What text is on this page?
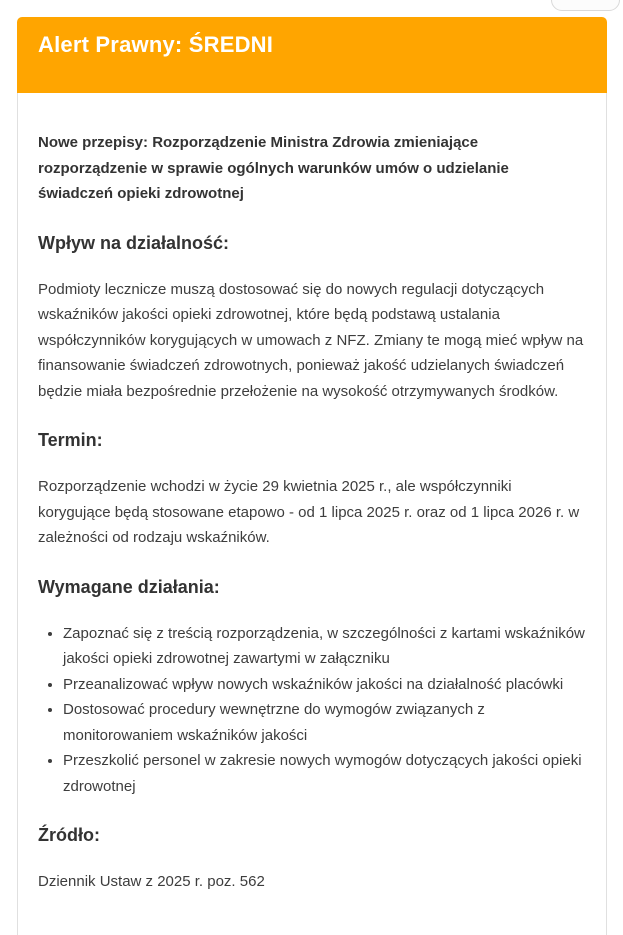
Alert Prawny: ŚREDNI

Nowe przepisy: Rozporządzenie Ministra Zdrowia zmieniające rozporządzenie w sprawie ogólnych warunków umów o udzielanie świadczeń opieki zdrowotnej

Wpływ na działalność:

Podmioty lecznicze muszą dostosować się do nowych regulacji dotyczących wskaźników jakości opieki zdrowotnej, które będą podstawą ustalania współczynników korygujących w umowach z NFZ. Zmiany te mogą mieć wpływ na finansowanie świadczeń zdrowotnych, ponieważ jakość udzielanych świadczeń będzie miała bezpośrednie przełożenie na wysokość otrzymywanych środków.

Termin:

Rozporządzenie wchodzi w życie 29 kwietnia 2025 r., ale współczynniki korygujące będą stosowane etapowo - od 1 lipca 2025 r. oraz od 1 lipca 2026 r. w zależności od rodzaju wskaźników.

Wymagane działania:
• Zapoznać się z treścią rozporządzenia, w szczególności z kartami wskaźników jakości opieki zdrowotnej zawartymi w załączniku
• Przeanalizować wpływ nowych wskaźników jakości na działalność placówki
• Dostosować procedury wewnętrzne do wymogów związanych z monitorowaniem wskaźników jakości
• Przeszkolić personel w zakresie nowych wymogów dotyczących jakości opieki zdrowotnej
Źródło:

Dziennik Ustaw z 2025 r. poz. 562
